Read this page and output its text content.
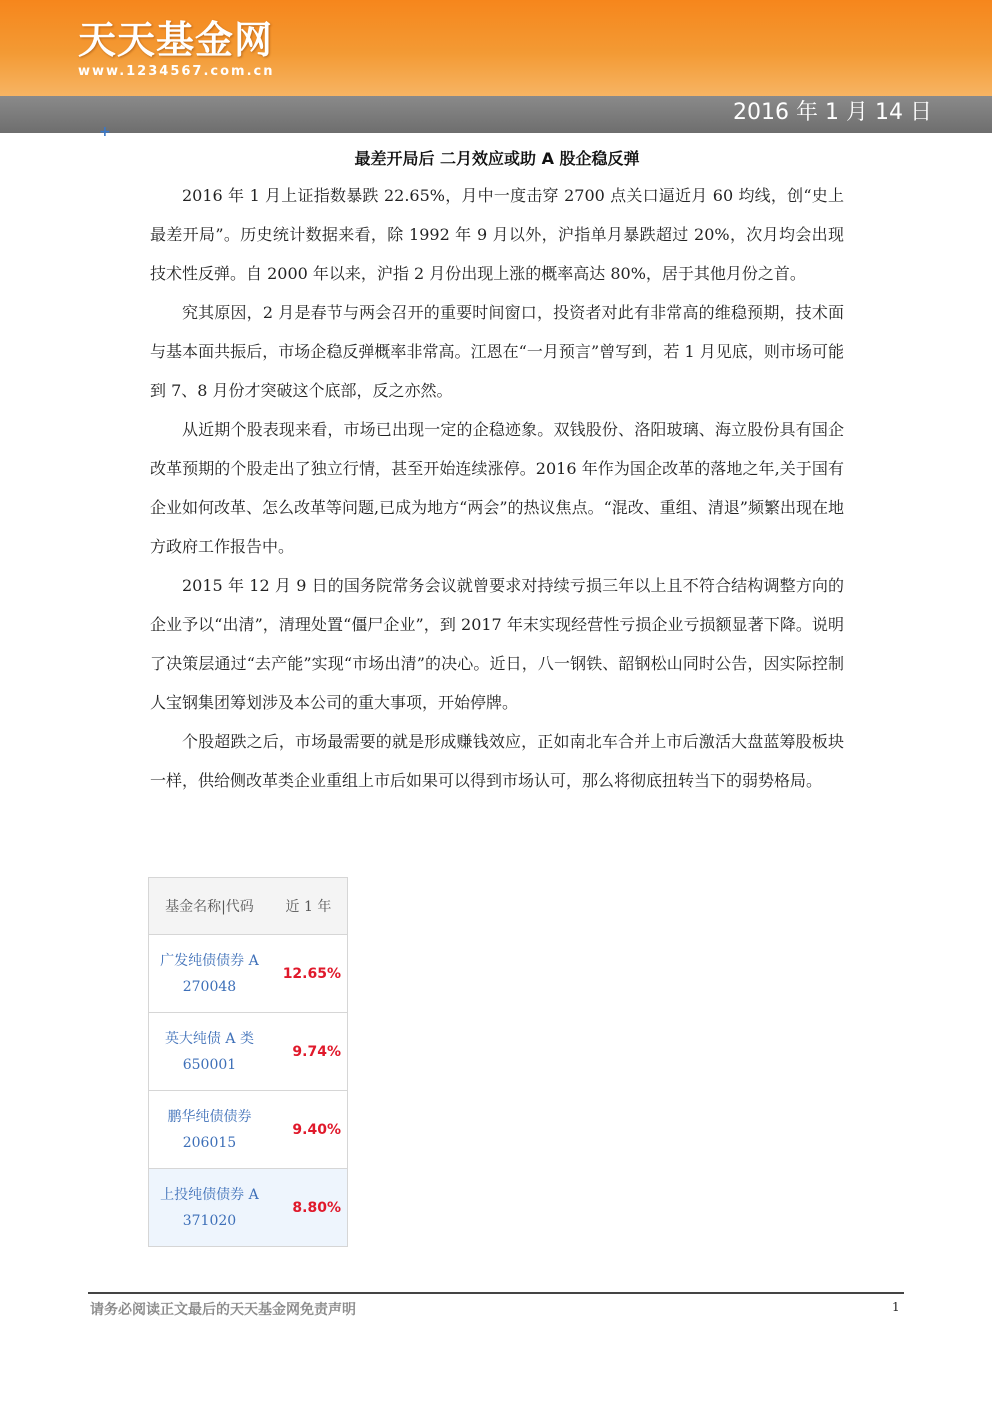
天天基金网
www.1234567.com.cn
2016 年 1 月 14 日
+
最差开局后 二月效应或助 A 股企稳反弹

2016 年 1 月上证指数暴跌 22.65%，月中一度击穿 2700 点关口逼近月 60 均线，创“史上最差开局”。历史统计数据来看，除 1992 年 9 月以外，沪指单月暴跌超过 20%，次月均会出现技术性反弹。自 2000 年以来，沪指 2 月份出现上涨的概率高达 80%，居于其他月份之首。

究其原因，2 月是春节与两会召开的重要时间窗口，投资者对此有非常高的维稳预期，技术面与基本面共振后，市场企稳反弹概率非常高。江恩在“一月预言”曾写到，若 1 月见底，则市场可能到 7、8 月份才突破这个底部，反之亦然。

从近期个股表现来看，市场已出现一定的企稳迹象。双钱股份、洛阳玻璃、海立股份具有国企改革预期的个股走出了独立行情，甚至开始连续涨停。2016 年作为国企改革的落地之年,关于国有企业如何改革、怎么改革等问题,已成为地方“两会”的热议焦点。“混改、重组、清退”频繁出现在地方政府工作报告中。

2015 年 12 月 9 日的国务院常务会议就曾要求对持续亏损三年以上且不符合结构调整方向的企业予以“出清”，清理处置“僵尸企业”，到 2017 年末实现经营性亏损企业亏损额显著下降。说明了决策层通过“去产能”实现“市场出清”的决心。近日，八一钢铁、韶钢松山同时公告，因实际控制人宝钢集团筹划涉及本公司的重大事项，开始停牌。

个股超跌之后，市场最需要的就是形成赚钱效应，正如南北车合并上市后激活大盘蓝筹股板块一样，供给侧改革类企业重组上市后如果可以得到市场认可，那么将彻底扭转当下的弱势格局。

基金名称|代码	近 1 年

广发纯债债券 A
270048	12.65%

英大纯债 A 类
650001	9.74%

鹏华纯债债券
206015	9.40%

上投纯债债券 A
371020	8.80%
请务必阅读正文最后的天天基金网免责声明	1
